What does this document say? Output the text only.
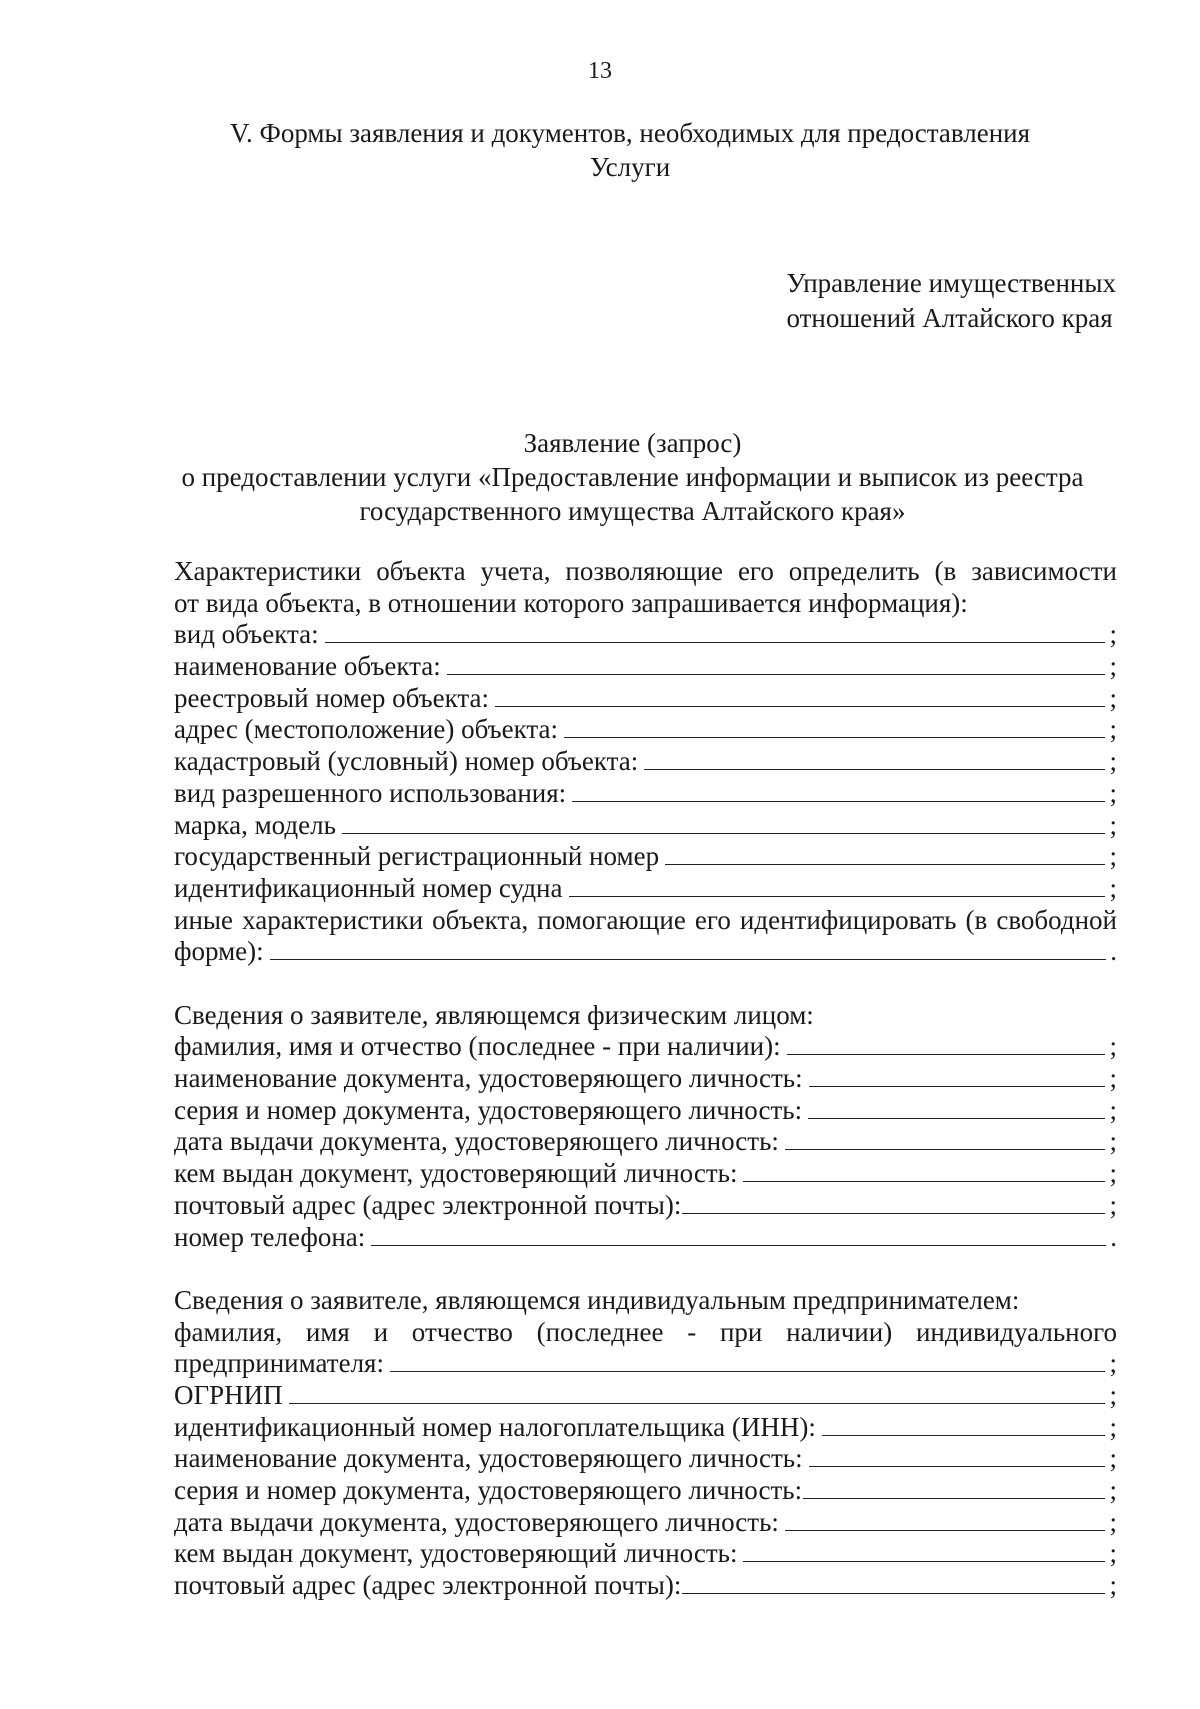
13
V. Формы заявления и документов, необходимых для предоставления
Услуги
Управление имущественных
отношений Алтайского края
Заявление (запрос)
о предоставлении услуги «Предоставление информации и выписок из реестра
государственного имущества Алтайского края»

Характеристики объекта учета, позволяющие его определить (в зависимости

от вида объекта, в отношении которого запрашивается информация):

вид объекта:	;
наименование объекта:	;
реестровый номер объекта:	;
адрес (местоположение) объекта:	;
кадастровый (условный) номер объекта:	;
вид разрешенного использования:	;
марка, модель	;
государственный регистрационный номер	;
идентификационный номер судна	;

иные характеристики объекта, помогающие его идентифицировать (в свободной

форме):	.

Сведения о заявителе, являющемся физическим лицом:

фамилия, имя и отчество (последнее - при наличии):	;
наименование документа, удостоверяющего личность:	;
серия и номер документа, удостоверяющего личность:	;
дата выдачи документа, удостоверяющего личность:	;
кем выдан документ, удостоверяющий личность:	;
почтовый адрес (адрес электронной почты):	;
номер телефона:	.

Сведения о заявителе, являющемся индивидуальным предпринимателем:

фамилия, имя и отчество (последнее - при наличии) индивидуального

предпринимателя:	;
ОГРНИП	;
идентификационный номер налогоплательщика (ИНН):	;
наименование документа, удостоверяющего личность:	;
серия и номер документа, удостоверяющего личность:	;
дата выдачи документа, удостоверяющего личность:	;
кем выдан документ, удостоверяющий личность:	;
почтовый адрес (адрес электронной почты):	;
